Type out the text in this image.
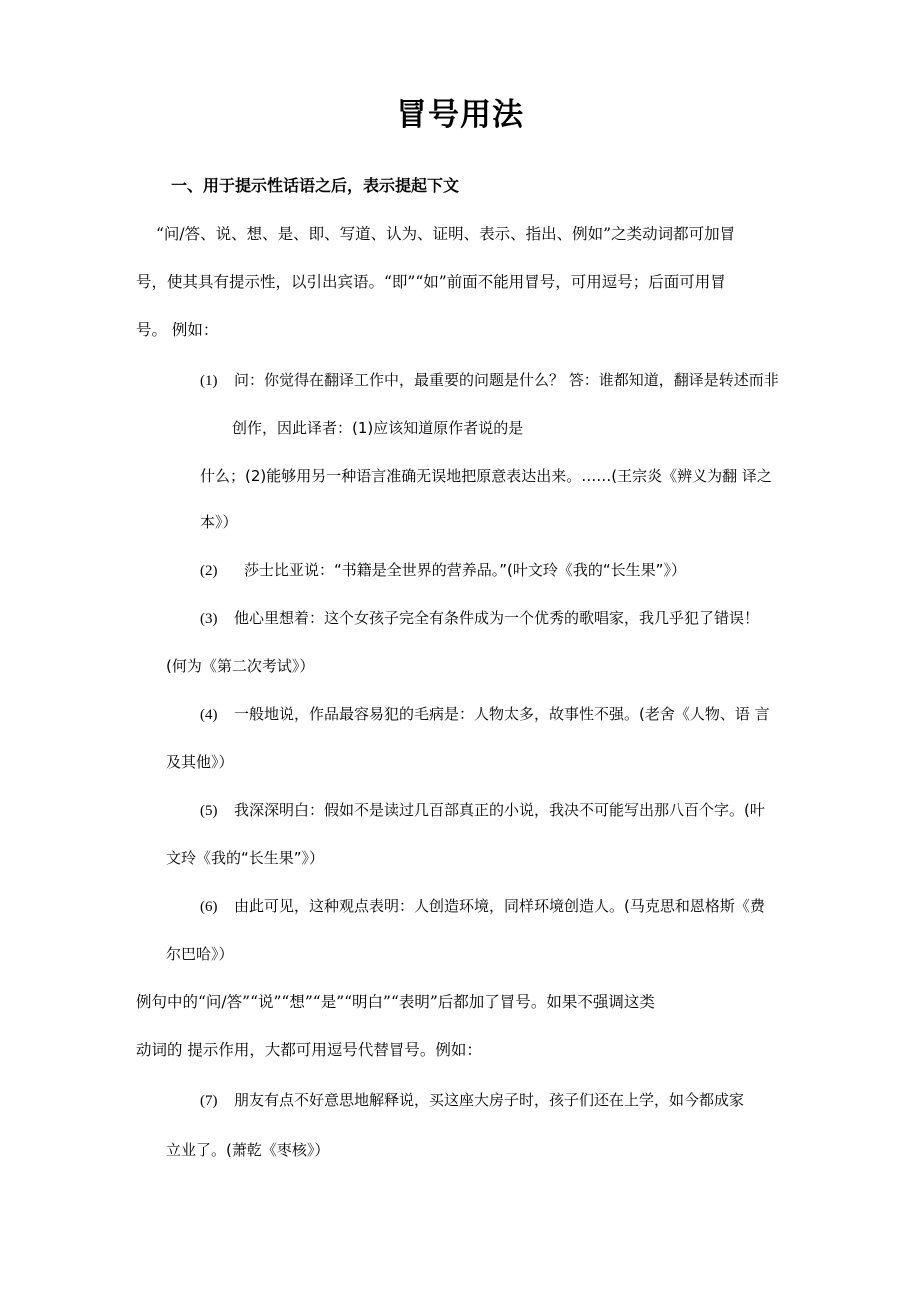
冒号用法
一、用于提示性话语之后，表示提起下文

“问/答、说、想、是、即、写道、认为、证明、表示、指出、例如”之类动词都可加冒

号，使其具有提示性，以引出宾语。“即”“如”前面不能用冒号，可用逗号；后面可用冒

号。 例如：

(1) 问：你觉得在翻译工作中，最重要的问题是什么？ 答：谁都知道，翻译是转述而非

创作，因此译者：(1)应该知道原作者说的是

什么；(2)能够用另一种语言准确无误地把原意表达出来。……(王宗炎《辨义为翻 译之

本》）

(2) 莎士比亚说：“书籍是全世界的营养品。”(叶文玲《我的“长生果”》）

(3) 他心里想着：这个女孩子完全有条件成为一个优秀的歌唱家，我几乎犯了错误！

(何为《第二次考试》）

(4) 一般地说，作品最容易犯的毛病是：人物太多，故事性不强。(老舍《人物、语 言

及其他》）

(5) 我深深明白：假如不是读过几百部真正的小说，我决不可能写出那八百个字。(叶

文玲《我的“长生果”》）

(6) 由此可见，这种观点表明：人创造环境，同样环境创造人。(马克思和恩格斯《费

尔巴哈》）

例句中的“问/答”“说”“想”“是”“明白”“表明”后都加了冒号。如果不强调这类

动词的 提示作用，大都可用逗号代替冒号。例如：

(7) 朋友有点不好意思地解释说，买这座大房子时，孩子们还在上学，如今都成家

立业了。(萧乾《枣核》）
